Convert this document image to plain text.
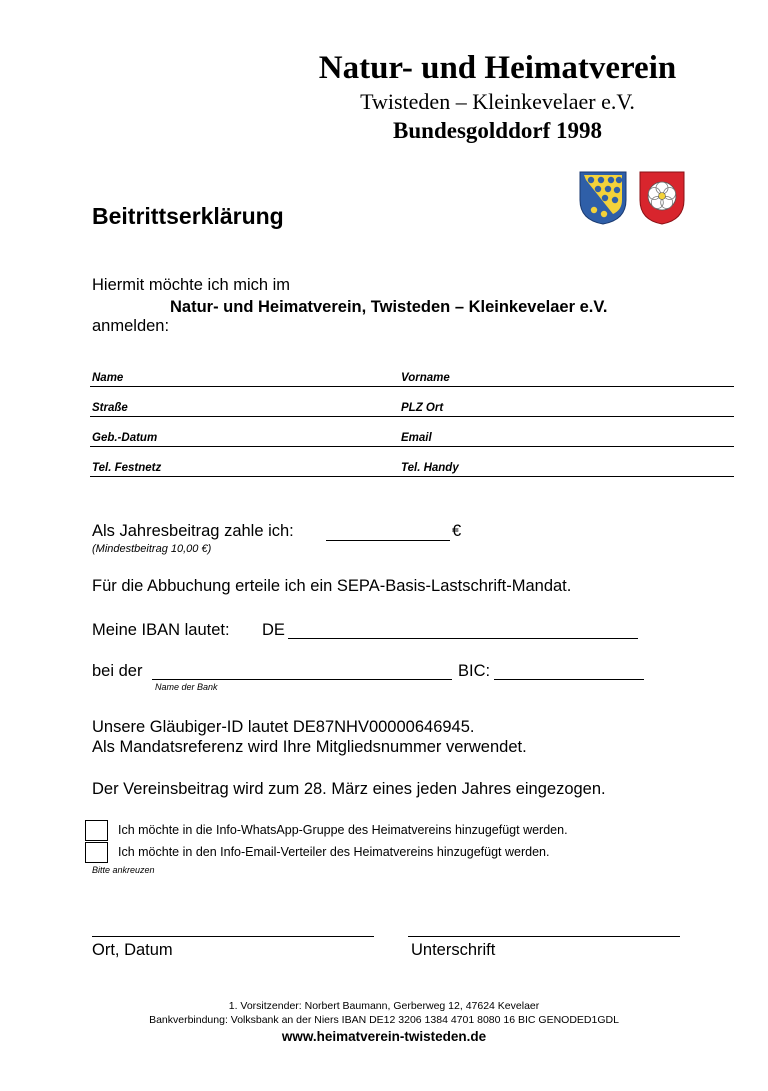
Natur- und Heimatverein
Twisteden – Kleinkevelaer e.V.
Bundesgolddorf 1998
Beitrittserklärung
Hiermit möchte ich mich im
Natur- und Heimatverein, Twisteden – Kleinkevelaer e.V.
anmelden:
Name	Vorname
Straße	PLZ Ort
Geb.-Datum	Email
Tel. Festnetz	Tel. Handy
Als Jahresbeitrag zahle ich:	€
(Mindestbeitrag 10,00 €)
Für die Abbuchung erteile ich ein SEPA-Basis-Lastschrift-Mandat.
Meine IBAN lautet: DE
bei der	BIC:
Name der Bank
Unsere Gläubiger-ID lautet DE87NHV00000646945.
Als Mandatsreferenz wird Ihre Mitgliedsnummer verwendet.
Der Vereinsbeitrag wird zum 28. März eines jeden Jahres eingezogen.
Ich möchte in die Info-WhatsApp-Gruppe des Heimatvereins hinzugefügt werden.
Ich möchte in den Info-Email-Verteiler des Heimatvereins hinzugefügt werden.
Bitte ankreuzen
Ort, Datum	Unterschrift
1. Vorsitzender: Norbert Baumann, Gerberweg 12, 47624 Kevelaer
Bankverbindung: Volksbank an der Niers IBAN DE12 3206 1384 4701 8080 16 BIC GENODED1GDL
www.heimatverein-twisteden.de
